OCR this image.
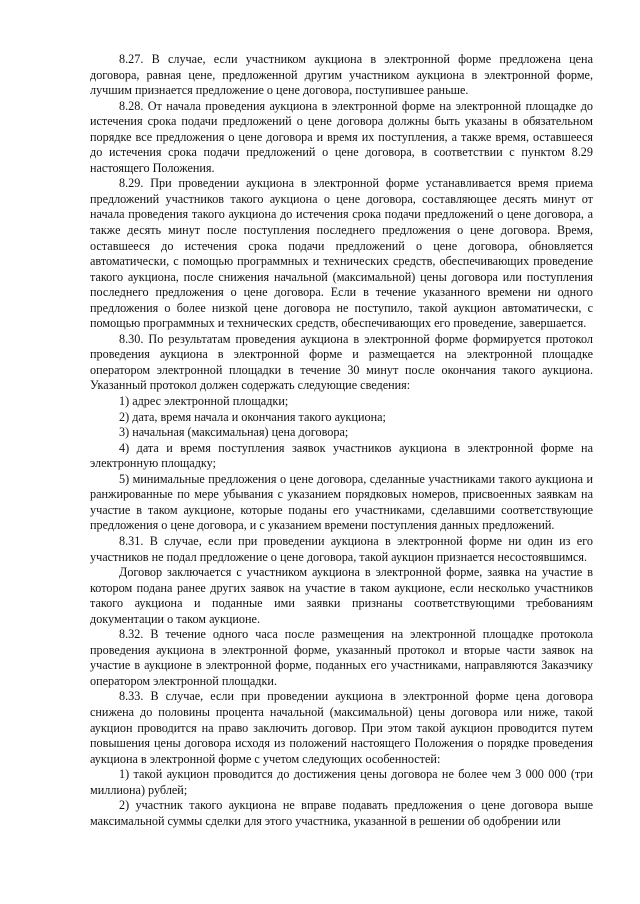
8.27. В случае, если участником аукциона в электронной форме предложена цена договора, равная цене, предложенной другим участником аукциона в электронной форме, лучшим признается предложение о цене договора, поступившее раньше.

8.28. От начала проведения аукциона в электронной форме на электронной площадке до истечения срока подачи предложений о цене договора должны быть указаны в обязательном порядке все предложения о цене договора и время их поступления, а также время, оставшееся до истечения срока подачи предложений о цене договора, в соответствии с пунктом 8.29 настоящего Положения.

8.29. При проведении аукциона в электронной форме устанавливается время приема предложений участников такого аукциона о цене договора, составляющее десять минут от начала проведения такого аукциона до истечения срока подачи предложений о цене договора, а также десять минут после поступления последнего предложения о цене договора. Время, оставшееся до истечения срока подачи предложений о цене договора, обновляется автоматически, с помощью программных и технических средств, обеспечивающих проведение такого аукциона, после снижения начальной (максимальной) цены договора или поступления последнего предложения о цене договора. Если в течение указанного времени ни одного предложения о более низкой цене договора не поступило, такой аукцион автоматически, с помощью программных и технических средств, обеспечивающих его проведение, завершается.

8.30. По результатам проведения аукциона в электронной форме формируется протокол проведения аукциона в электронной форме и размещается на электронной площадке оператором электронной площадки в течение 30 минут после окончания такого аукциона. Указанный протокол должен содержать следующие сведения:

1) адрес электронной площадки;

2) дата, время начала и окончания такого аукциона;

3) начальная (максимальная) цена договора;

4) дата и время поступления заявок участников аукциона в электронной форме на электронную площадку;

5) минимальные предложения о цене договора, сделанные участниками такого аукциона и ранжированные по мере убывания с указанием порядковых номеров, присвоенных заявкам на участие в таком аукционе, которые поданы его участниками, сделавшими соответствующие предложения о цене договора, и с указанием времени поступления данных предложений.

8.31. В случае, если при проведении аукциона в электронной форме ни один из его участников не подал предложение о цене договора, такой аукцион признается несостоявшимся.

Договор заключается с участником аукциона в электронной форме, заявка на участие в котором подана ранее других заявок на участие в таком аукционе, если несколько участников такого аукциона и поданные ими заявки признаны соответствующими требованиям документации о таком аукционе.

8.32. В течение одного часа после размещения на электронной площадке протокола проведения аукциона в электронной форме, указанный протокол и вторые части заявок на участие в аукционе в электронной форме, поданных его участниками, направляются Заказчику оператором электронной площадки.

8.33. В случае, если при проведении аукциона в электронной форме цена договора снижена до половины процента начальной (максимальной) цены договора или ниже, такой аукцион проводится на право заключить договор. При этом такой аукцион проводится путем повышения цены договора исходя из положений настоящего Положения о порядке проведения аукциона в электронной форме с учетом следующих особенностей:

1) такой аукцион проводится до достижения цены договора не более чем 3 000 000 (три миллиона) рублей;

2) участник такого аукциона не вправе подавать предложения о цене договора выше максимальной суммы сделки для этого участника, указанной в решении об одобрении или
